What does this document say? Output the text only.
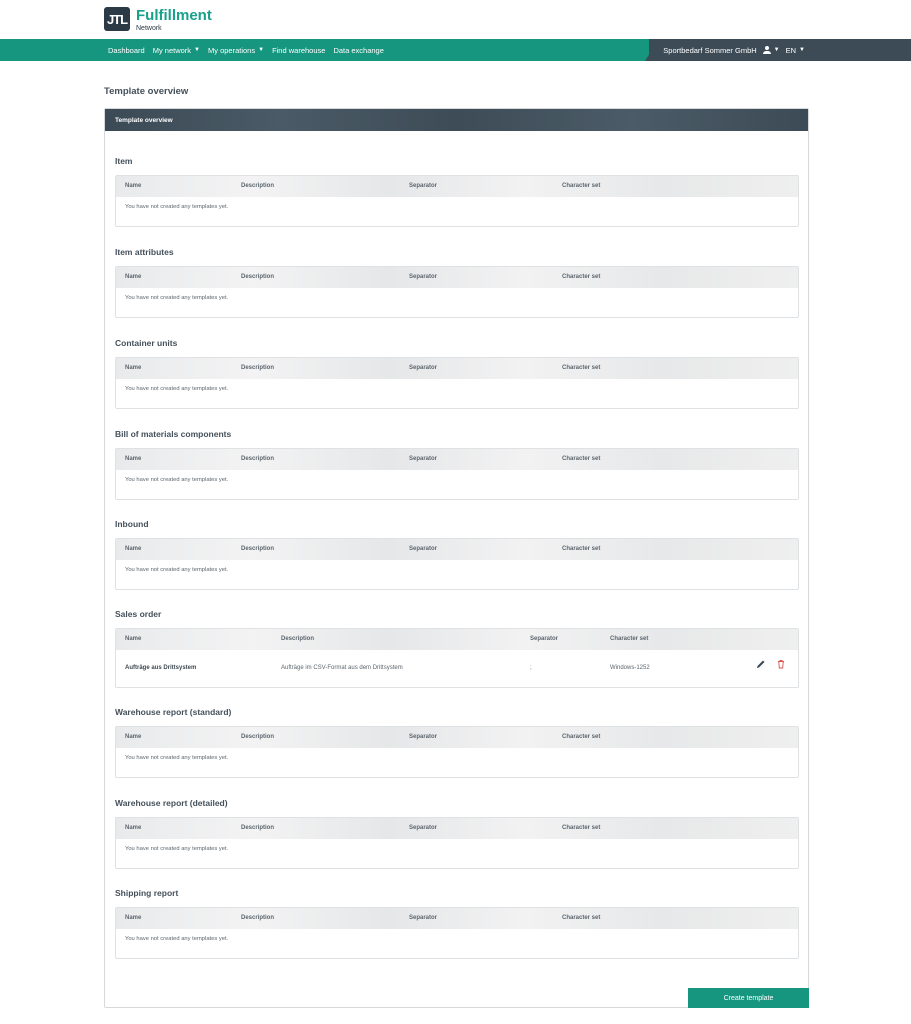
JTL Fulfillment
Network
Dashboard My network ▼ My operations ▼ Find warehouse Data exchange	Sportbedarf Sommer GmbH	▼ EN ▼
Template overview
Template overview
Item
Name	Description	Separator	Character set
You have not created any templates yet.
Item attributes
Name	Description	Separator	Character set
You have not created any templates yet.
Container units
Name	Description	Separator	Character set
You have not created any templates yet.
Bill of materials components
Name	Description	Separator	Character set
You have not created any templates yet.
Inbound
Name	Description	Separator	Character set
You have not created any templates yet.
Sales order
Name	Description	Separator	Character set
Aufträge aus Drittsystem	Aufträge im CSV-Format aus dem Drittsystem	;	Windows-1252
Warehouse report (standard)
Name	Description	Separator	Character set
You have not created any templates yet.
Warehouse report (detailed)
Name	Description	Separator	Character set
You have not created any templates yet.
Shipping report
Name	Description	Separator	Character set
You have not created any templates yet.
Create template
